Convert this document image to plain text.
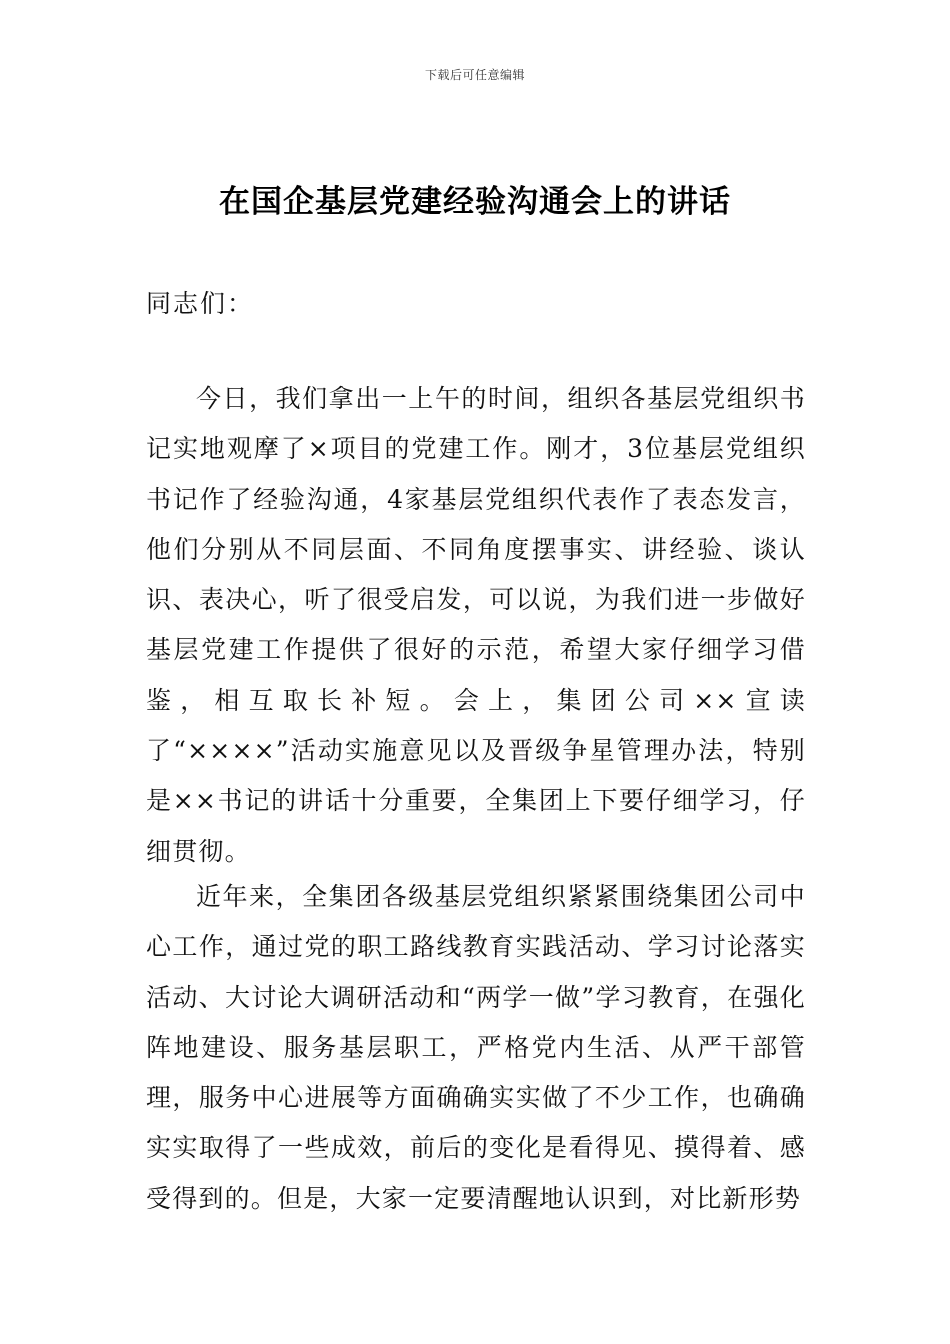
下载后可任意编辑
在国企基层党建经验沟通会上的讲话
同志们：

今日，我们拿出一上午的时间，组织各基层党组织书记实地观摩了×项目的党建工作。刚才，3位基层党组织书记作了经验沟通，4家基层党组织代表作了表态发言，他们分别从不同层面、不同角度摆事实、讲经验、谈认识、表决心，听了很受启发，可以说，为我们进一步做好基层党建工作提供了很好的示范，希望大家仔细学习借鉴，相互取长补短。会上，集团公司××宣读了“××××”活动实施意见以及晋级争星管理办法，特别是××书记的讲话十分重要，全集团上下要仔细学习，仔细贯彻。

近年来，全集团各级基层党组织紧紧围绕集团公司中心工作，通过党的职工路线教育实践活动、学习讨论落实活动、大讨论大调研活动和“两学一做”学习教育，在强化阵地建设、服务基层职工，严格党内生活、从严干部管理，服务中心进展等方面确确实实做了不少工作，也确确实实取得了一些成效，前后的变化是看得见、摸得着、感受得到的。但是，大家一定要清醒地认识到，对比新形势
